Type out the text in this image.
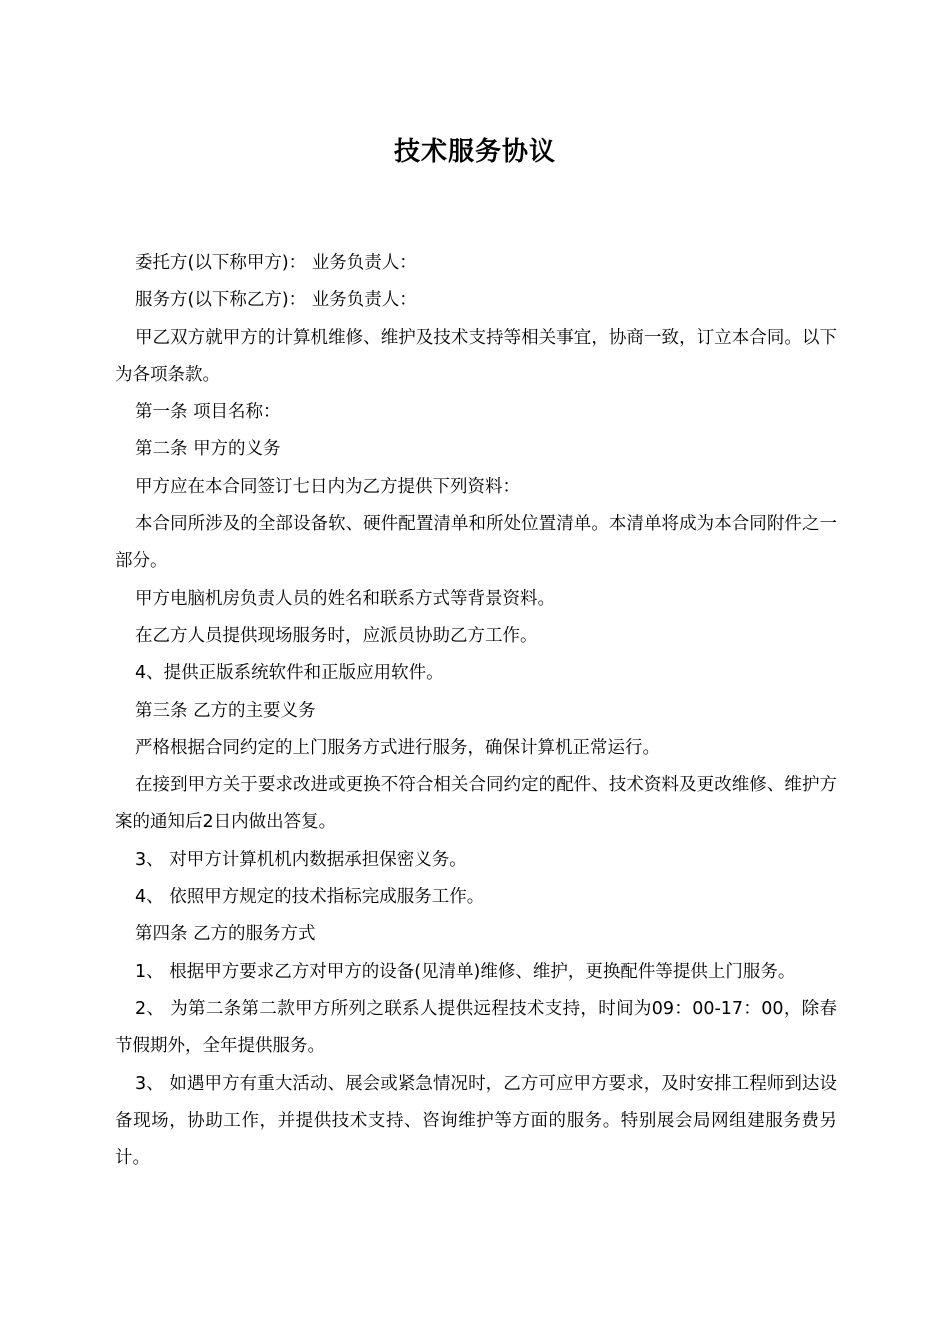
技术服务协议

委托方(以下称甲方)： 业务负责人：

服务方(以下称乙方)： 业务负责人：

甲乙双方就甲方的计算机维修、维护及技术支持等相关事宜，协商一致，订立本合同。以下为各项条款。

第一条 项目名称：

第二条 甲方的义务

甲方应在本合同签订七日内为乙方提供下列资料：

本合同所涉及的全部设备软、硬件配置清单和所处位置清单。本清单将成为本合同附件之一部分。

甲方电脑机房负责人员的姓名和联系方式等背景资料。

在乙方人员提供现场服务时，应派员协助乙方工作。

4、提供正版系统软件和正版应用软件。

第三条 乙方的主要义务

严格根据合同约定的上门服务方式进行服务，确保计算机正常运行。

在接到甲方关于要求改进或更换不符合相关合同约定的配件、技术资料及更改维修、维护方案的通知后2日内做出答复。

3、 对甲方计算机机内数据承担保密义务。

4、 依照甲方规定的技术指标完成服务工作。

第四条 乙方的服务方式

1、 根据甲方要求乙方对甲方的设备(见清单)维修、维护，更换配件等提供上门服务。

2、 为第二条第二款甲方所列之联系人提供远程技术支持，时间为09：00-17：00，除春节假期外，全年提供服务。

3、 如遇甲方有重大活动、展会或紧急情况时，乙方可应甲方要求，及时安排工程师到达设备现场，协助工作，并提供技术支持、咨询维护等方面的服务。特别展会局网组建服务费另计。
